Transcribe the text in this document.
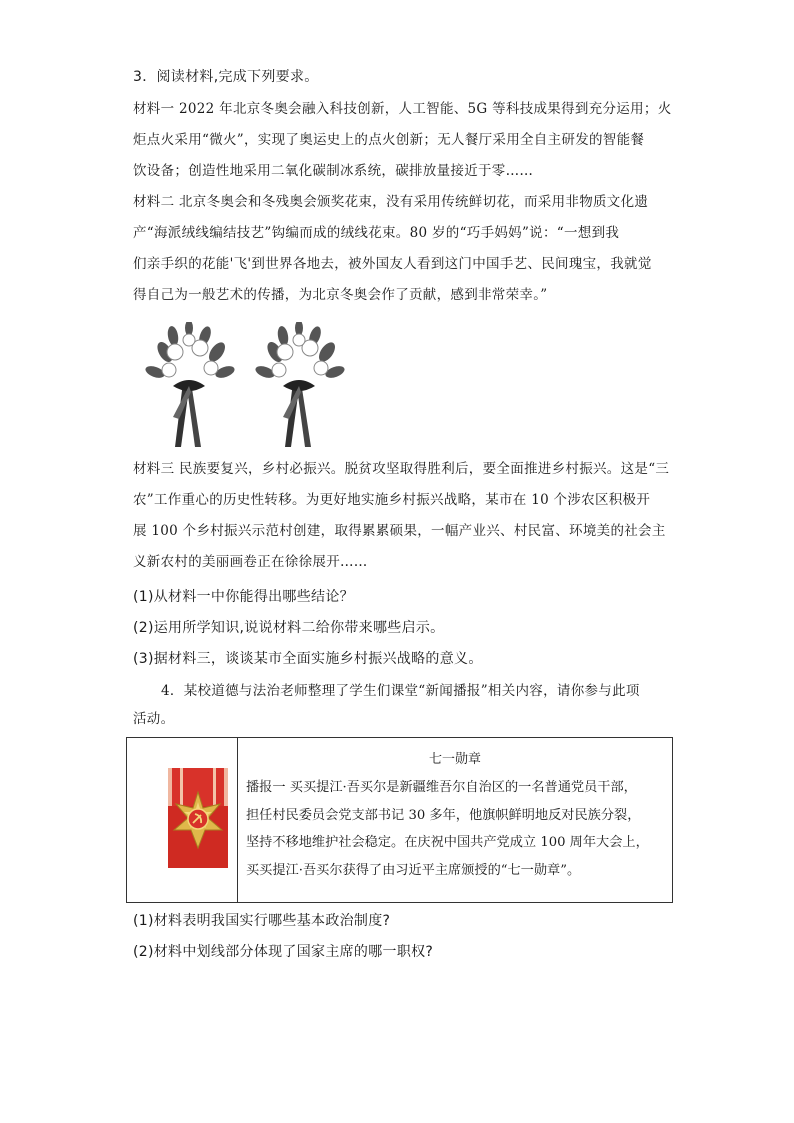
3．阅读材料,完成下列要求。
材料一 2022 年北京冬奥会融入科技创新，人工智能、5G 等科技成果得到充分运用；火
炬点火采用“微火”，实现了奥运史上的点火创新；无人餐厅采用全自主研发的智能餐
饮设备；创造性地采用二氧化碳制冰系统，碳排放量接近于零……
材料二 北京冬奥会和冬残奥会颁奖花束，没有采用传统鲜切花，而采用非物质文化遗
产“海派绒线编结技艺”钩编而成的绒线花束。80 岁的“巧手妈妈”说：“一想到我
们亲手织的花能'飞'到世界各地去，被外国友人看到这门中国手艺、民间瑰宝，我就觉
得自己为一般艺术的传播，为北京冬奥会作了贡献，感到非常荣幸。”
材料三 民族要复兴，乡村必振兴。脱贫攻坚取得胜利后，要全面推进乡村振兴。这是“三
农”工作重心的历史性转移。为更好地实施乡村振兴战略，某市在 10 个涉农区积极开
展 100 个乡村振兴示范村创建，取得累累硕果，一幅产业兴、村民富、环境美的社会主
义新农村的美丽画卷正在徐徐展开……
(1)从材料一中你能得出哪些结论？
(2)运用所学知识,说说材料二给你带来哪些启示。
(3)据材料三，谈谈某市全面实施乡村振兴战略的意义。
4．某校道德与法治老师整理了学生们课堂“新闻播报”相关内容，请你参与此项
活动。

七一勋章
播报一 买买提江·吾买尔是新疆维吾尔自治区的一名普通党员干部，
担任村民委员会党支部书记 30 多年，他旗帜鲜明地反对民族分裂，
坚持不移地维护社会稳定。在庆祝中国共产党成立 100 周年大会上，
买买提江·吾买尔获得了由习近平主席颁授的“七一勋章”。
(1)材料表明我国实行哪些基本政治制度?
(2)材料中划线部分体现了国家主席的哪一职权?
